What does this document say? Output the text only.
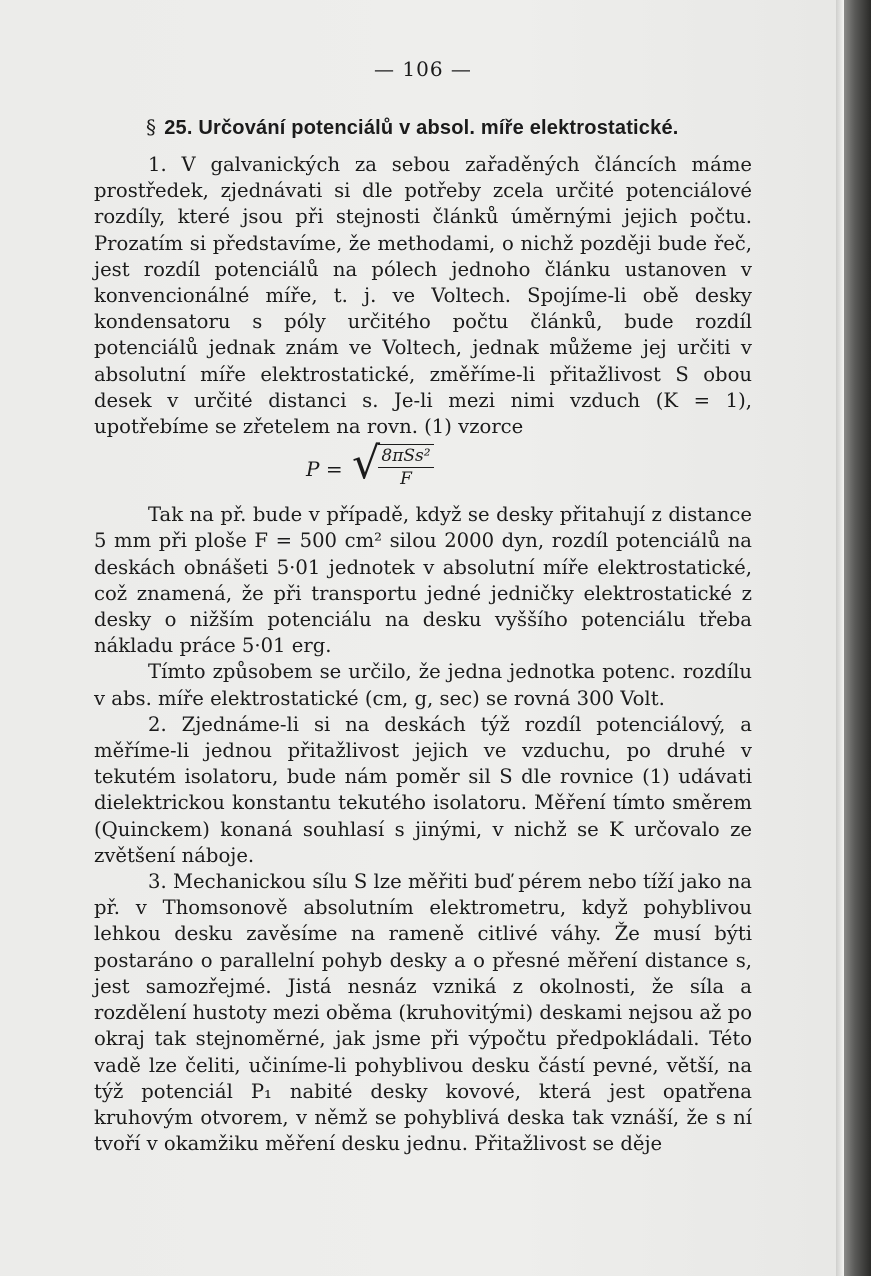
— 106 —
§ 25. Určování potenciálů v absol. míře elektrostatické.

1. V galvanických za sebou zařaděných článcích máme prostředek, zjednávati si dle potřeby zcela určité potenciálové rozdíly, které jsou při stejnosti článků úměrnými jejich počtu. Prozatím si představíme, že methodami, o nichž později bude řeč, jest rozdíl potenciálů na pólech jednoho článku ustanoven v konvencionálné míře, t. j. ve Voltech. Spojíme-li obě desky kondensatoru s póly určitého počtu článků, bude rozdíl potenciálů jednak znám ve Voltech, jednak můžeme jej určiti v absolutní míře elektrostatické, změříme-li přitažlivost S obou desek v určité distanci s. Je-li mezi nimi vzduch (K = 1), upotřebíme se zřetelem na rovn. (1) vzorce

P = √ 8πSs²
F

Tak na př. bude v případě, když se desky přitahují z distance 5 mm při ploše F = 500 cm² silou 2000 dyn, rozdíl potenciálů na deskách obnášeti 5·01 jednotek v absolutní míře elektrostatické, což znamená, že při transportu jedné jedničky elektrostatické z desky o nižším potenciálu na desku vyššího potenciálu třeba nákladu práce 5·01 erg.

Tímto způsobem se určilo, že jedna jednotka potenc. rozdílu v abs. míře elektrostatické (cm, g, sec) se rovná 300 Volt.

2. Zjednáme-li si na deskách týž rozdíl potenciálový, a měříme-li jednou přitažlivost jejich ve vzduchu, po druhé v tekutém isolatoru, bude nám poměr sil S dle rovnice (1) udávati dielektrickou konstantu tekutého isolatoru. Měření tímto směrem (Quinckem) konaná souhlasí s jinými, v nichž se K určovalo ze zvětšení náboje.

3. Mechanickou sílu S lze měřiti buď pérem nebo tíží jako na př. v Thomsonově absolutním elektrometru, když pohyblivou lehkou desku zavěsíme na rameně citlivé váhy. Že musí býti postaráno o parallelní pohyb desky a o přesné měření distance s, jest samozřejmé. Jistá nesnáz vzniká z okolnosti, že síla a rozdělení hustoty mezi oběma (kruhovitými) deskami nejsou až po okraj tak stejnoměrné, jak jsme při výpočtu předpokládali. Této vadě lze čeliti, učiníme-li pohyblivou desku částí pevné, větší, na týž potenciál P₁ nabité desky kovové, která jest opatřena kruhovým otvorem, v němž se pohyblivá deska tak vznáší, že s ní tvoří v okamžiku měření desku jednu. Přitažlivost se děje
